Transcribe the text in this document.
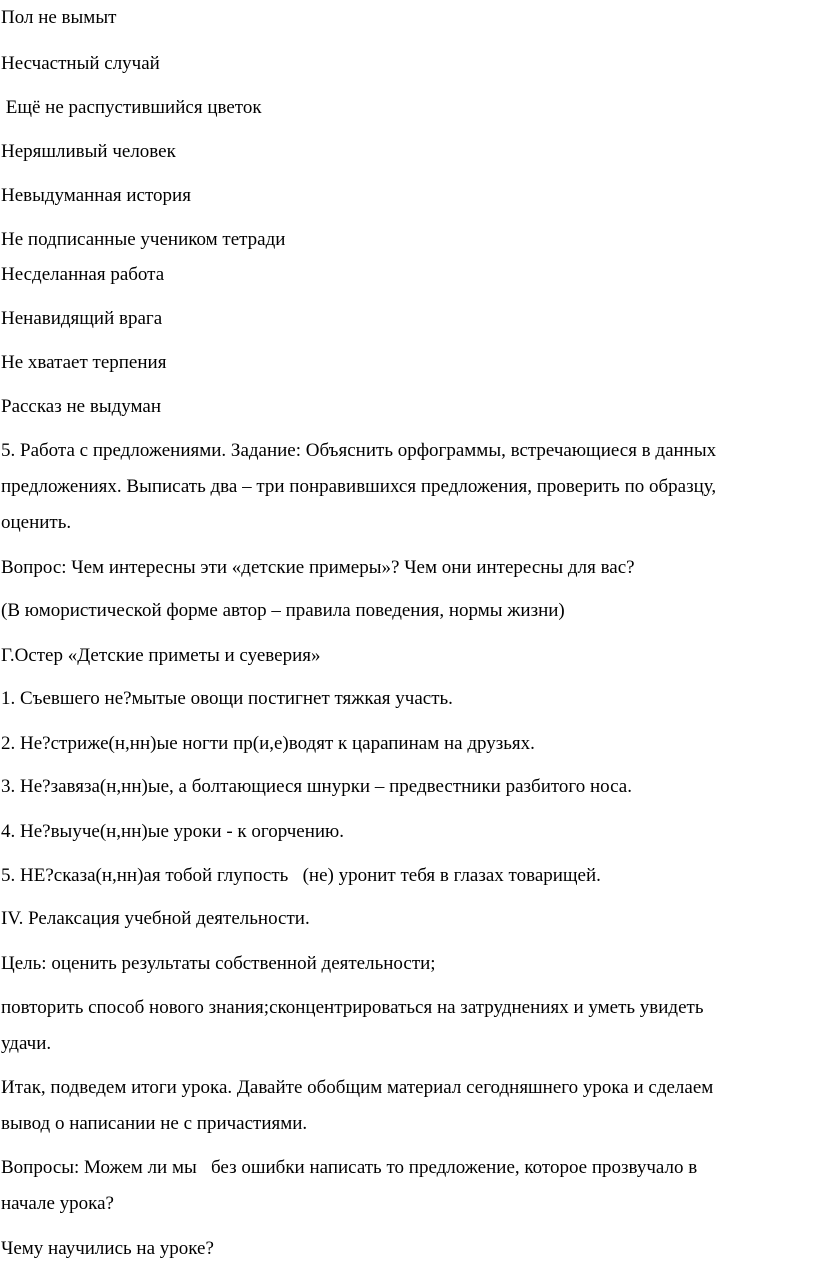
Пол не вымыт
Несчастный случай
Ещё не распустившийся цветок
Неряшливый человек
Невыдуманная история
Не подписанные учеником тетради
Несделанная работа
Ненавидящий врага
Не хватает терпения
Рассказ не выдуман
5. Работа с предложениями. Задание: Объяснить орфограммы, встречающиеся в данных
предложениях. Выписать два – три понравившихся предложения, проверить по образцу,
оценить.
Вопрос: Чем интересны эти «детские примеры»? Чем они интересны для вас?
(В юмористической форме автор – правила поведения, нормы жизни)
Г.Остер «Детские приметы и суеверия»
1. Съевшего не?мытые овощи постигнет тяжкая участь.
2. Не?стриже(н,нн)ые ногти пр(и,е)водят к царапинам на друзьях.
3. Не?завяза(н,нн)ые, а болтающиеся шнурки – предвестники разбитого носа.
4. Не?выуче(н,нн)ые уроки - к огорчению.
5. НЕ?сказа(н,нн)ая тобой глупость   (не) уронит тебя в глазах товарищей.
IV. Релаксация учебной деятельности.
Цель: оценить результаты собственной деятельности;
повторить способ нового знания;сконцентрироваться на затруднениях и уметь увидеть
удачи.
Итак, подведем итоги урока. Давайте обобщим материал сегодняшнего урока и сделаем
вывод о написании не с причастиями.
Вопросы: Можем ли мы   без ошибки написать то предложение, которое прозвучало в
начале урока?
Чему научились на уроке?
